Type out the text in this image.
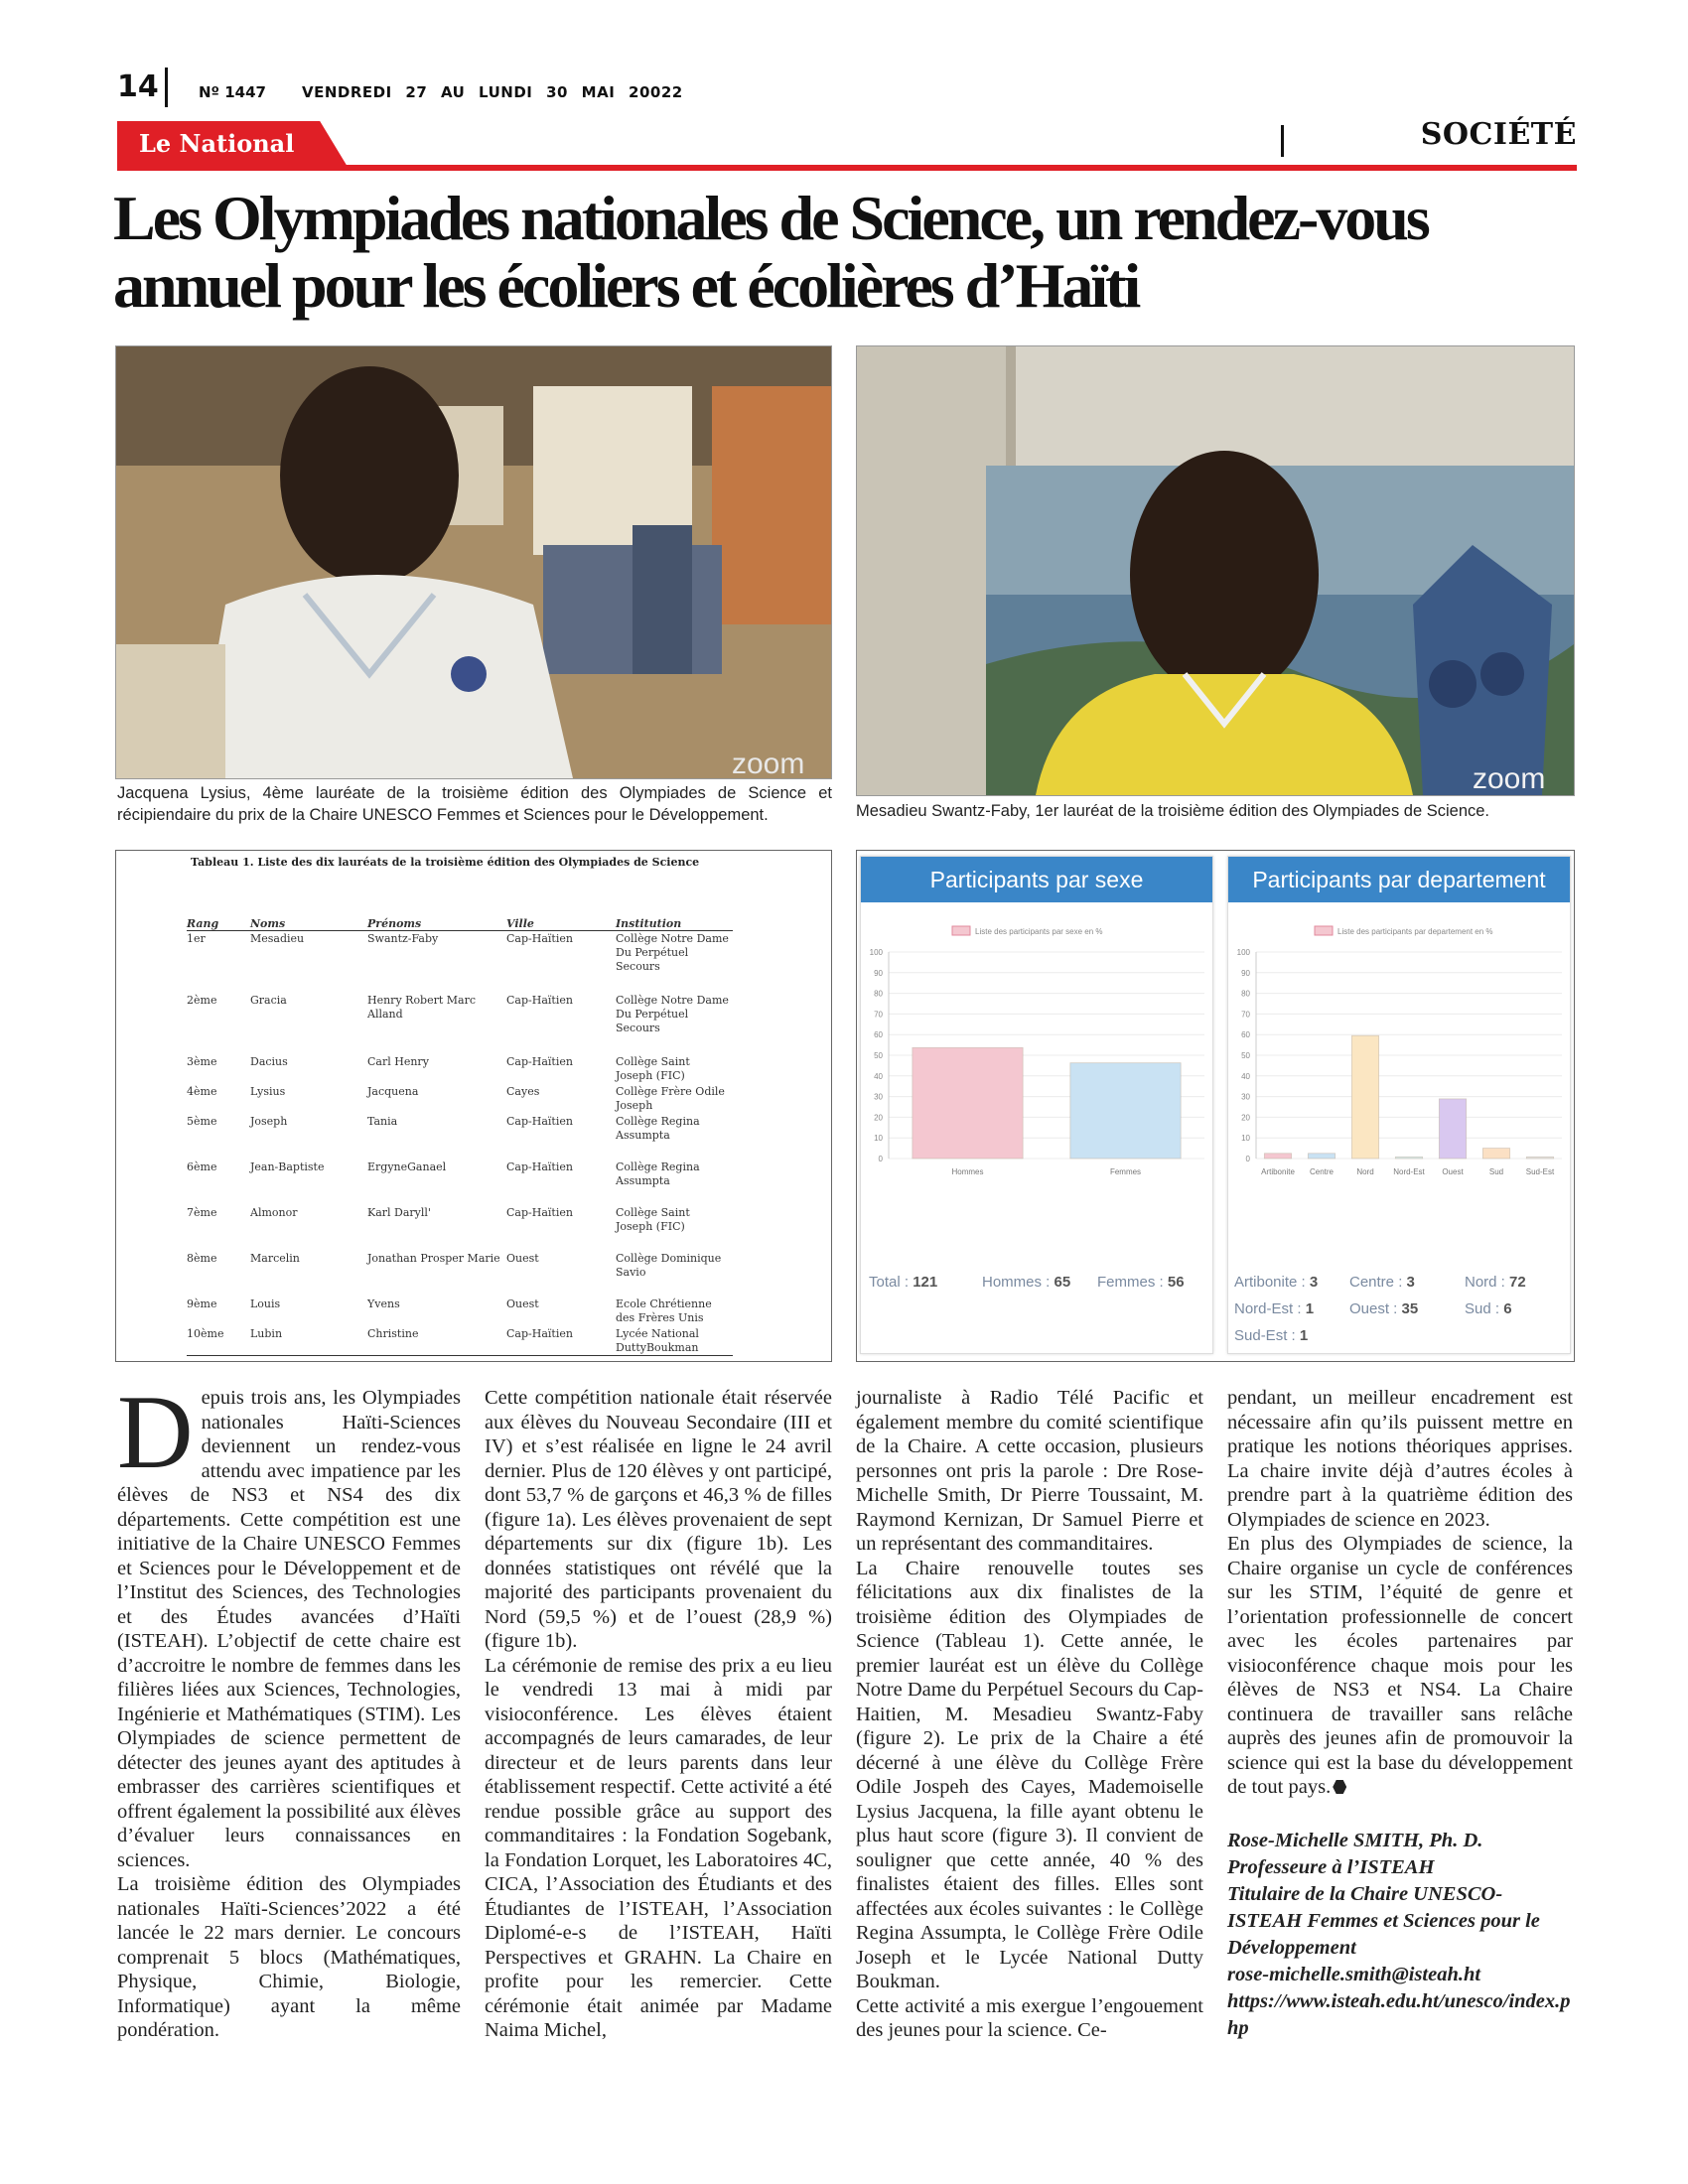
14	Nº 1447 VENDREDI 27 AU LUNDI 30 MAI 20022
Le National	SOCIÉTÉ
Les Olympiades nationales de Science, un rendez-vous annuel pour les écoliers et écolières d’Haïti
zoom
Jacquena Lysius, 4ème lauréate de la troisième édition des Olympiades de Science et récipiendaire du prix de la Chaire UNESCO Femmes et Sciences pour le Développement.
zoom
Mesadieu Swantz-Faby, 1er lauréat de la troisième édition des Olympiades de Science.
Tableau 1. Liste des dix lauréats de la troisième édition des Olympiades de Science
Rang	Noms	Prénoms	Ville	Institution
1er	Mesadieu	Swantz-Faby	Cap-Haïtien	Collège Notre Dame Du Perpétuel Secours
2ème	Gracia	Henry Robert Marc Alland	Cap-Haïtien	Collège Notre Dame Du Perpétuel Secours
3ème	Dacius	Carl Henry	Cap-Haïtien	Collège Saint Joseph (FIC)
4ème	Lysius	Jacquena	Cayes	Collège Frère Odile Joseph
5ème	Joseph	Tania	Cap-Haïtien	Collège Regina Assumpta
6ème	Jean-Baptiste	ErgyneGanael	Cap-Haïtien	Collège Regina Assumpta
7ème	Almonor	Karl Daryll'	Cap-Haïtien	Collège Saint Joseph (FIC)
8ème	Marcelin	Jonathan Prosper Marie	Ouest	Collège Dominique Savio
9ème	Louis	Yvens	Ouest	Ecole Chrétienne des Frères Unis
10ème	Lubin	Christine	Cap-Haïtien	Lycée National DuttyBoukman
Participants par sexe
Liste des participants par sexe en %
0
10
20
30
40
50
60
70
80
90
100
Hommes	Femmes
Total : 121	Hommes : 65 Femmes : 56
Participants par departement
Liste des participants par departement en %
0
10
20
30
40
50
60
70
80
90
100
Artibonite Centre	Nord Nord-Est Ouest	Sud	Sud-Est
Artibonite : 3 Centre : 3	Nord : 72
Nord-Est : 1 Ouest : 35	Sud : 6
Sud-Est : 1

Depuis trois ans, les Olympiades nationales Haïti-Sciences deviennent un rendez-vous attendu avec impatience par les élèves de NS3 et NS4 des dix départements. Cette compétition est une initiative de la Chaire UNESCO Femmes et Sciences pour le Développement et de l’Institut des Sciences, des Technologies et des Études avancées d’Haïti (ISTEAH). L’objectif de cette chaire est d’accroitre le nombre de femmes dans les filières liées aux Sciences, Technologies, Ingénierie et Mathématiques (STIM). Les Olympiades de science permettent de détecter des jeunes ayant des aptitudes à embrasser des carrières scientifiques et offrent également la possibilité aux élèves d’évaluer leurs connaissances en sciences.

La troisième édition des Olympiades nationales Haïti-Sciences’2022 a été lancée le 22 mars dernier. Le concours comprenait 5 blocs (Mathématiques, Physique, Chimie, Biologie, Informatique) ayant la même pondération.

Cette compétition nationale était réservée aux élèves du Nouveau Secondaire (III et IV) et s’est réalisée en ligne le 24 avril dernier. Plus de 120 élèves y ont participé, dont 53,7 % de garçons et 46,3 % de filles (figure 1a). Les élèves provenaient de sept départements sur dix (figure 1b). Les données statistiques ont révélé que la majorité des participants provenaient du Nord (59,5 %) et de l’ouest (28,9 %) (figure 1b).

La cérémonie de remise des prix a eu lieu le vendredi 13 mai à midi par visioconférence. Les élèves étaient accompagnés de leurs camarades, de leur directeur et de leurs parents dans leur établissement respectif. Cette activité a été rendue possible grâce au support des commanditaires : la Fondation Sogebank, la Fondation Lorquet, les Laboratoires 4C, CICA, l’Association des Étudiants et des Étudiantes de l’ISTEAH, l’Association Diplomé-e-s de l’ISTEAH, Haïti Perspectives et GRAHN. La Chaire en profite pour les remercier. Cette cérémonie était animée par Madame Naima Michel,

journaliste à Radio Télé Pacific et également membre du comité scientifique de la Chaire. A cette occasion, plusieurs personnes ont pris la parole : Dre Rose-Michelle Smith, Dr Pierre Toussaint, M. Raymond Kernizan, Dr Samuel Pierre et un représentant des commanditaires.

La Chaire renouvelle toutes ses félicitations aux dix finalistes de la troisième édition des Olympiades de Science (Tableau 1). Cette année, le premier lauréat est un élève du Collège Notre Dame du Perpétuel Secours du Cap-Haitien, M. Mesadieu Swantz-Faby (figure 2). Le prix de la Chaire a été décerné à une élève du Collège Frère Odile Jospeh des Cayes, Mademoiselle Lysius Jacquena, la fille ayant obtenu le plus haut score (figure 3). Il convient de souligner que cette année, 40 % des finalistes étaient des filles. Elles sont affectées aux écoles suivantes : le Collège Regina Assumpta, le Collège Frère Odile Joseph et le Lycée National Dutty Boukman.

Cette activité a mis exergue l’engouement des jeunes pour la science. Ce-

pendant, un meilleur encadrement est nécessaire afin qu’ils puissent mettre en pratique les notions théoriques apprises. La chaire invite déjà d’autres écoles à prendre part à la quatrième édition des Olympiades de science en 2023.

En plus des Olympiades de science, la Chaire organise un cycle de conférences sur les STIM, l’équité de genre et l’orientation professionnelle de concert avec les écoles partenaires par visioconférence chaque mois pour les élèves de NS3 et NS4. La Chaire continuera de travailler sans relâche auprès des jeunes afin de promouvoir la science qui est la base du développement de tout pays.

Rose-Michelle SMITH, Ph. D.
Professeure à l’ISTEAH
Titulaire de la Chaire UNESCO-ISTEAH Femmes et Sciences pour le Développement
rose-michelle.smith@isteah.ht
https://www.isteah.edu.ht/unesco/index.php
